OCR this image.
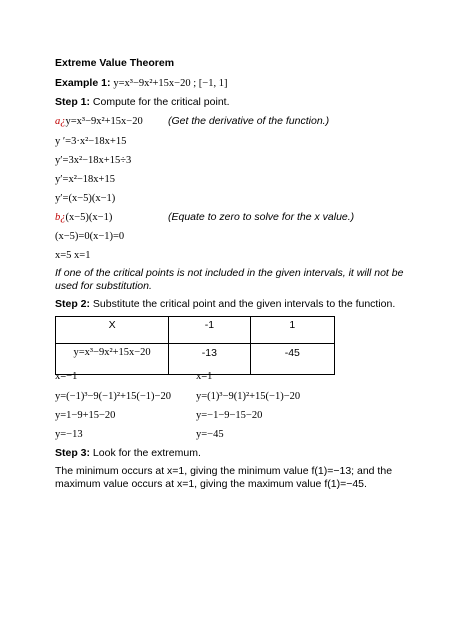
Extreme Value Theorem
Example 1: y=x³−9x²+15x−20 ; [−1, 1]
Step 1: Compute for the critical point.
a¿y=x³−9x²+15x−20 (Get the derivative of the function.)
y ′=3·x²−18x+15
y′=3x²−18x+15÷3
y′=x²−18x+15
y′=(x−5)(x−1)
b¿(x−5)(x−1)	(Equate to zero to solve for the x value.)
(x−5)=0(x−1)=0
x=5 x=1
If one of the critical points is not included in the given intervals, it will not be used for substitution.
Step 2: Substitute the critical point and the given intervals to the function.
X	-1	1
y=x³−9x²+15x−20	-13	-45
x=−1
y=(−1)³−9(−1)²+15(−1)−20
y=1−9+15−20
y=−13
x=1
y=(1)³−9(1)²+15(−1)−20
y=−1−9−15−20
y=−45
Step 3: Look for the extremum.
The minimum occurs at x=1, giving the minimum value f(1)=−13; and the maximum value occurs at x=1, giving the maximum value f(1)=−45.
